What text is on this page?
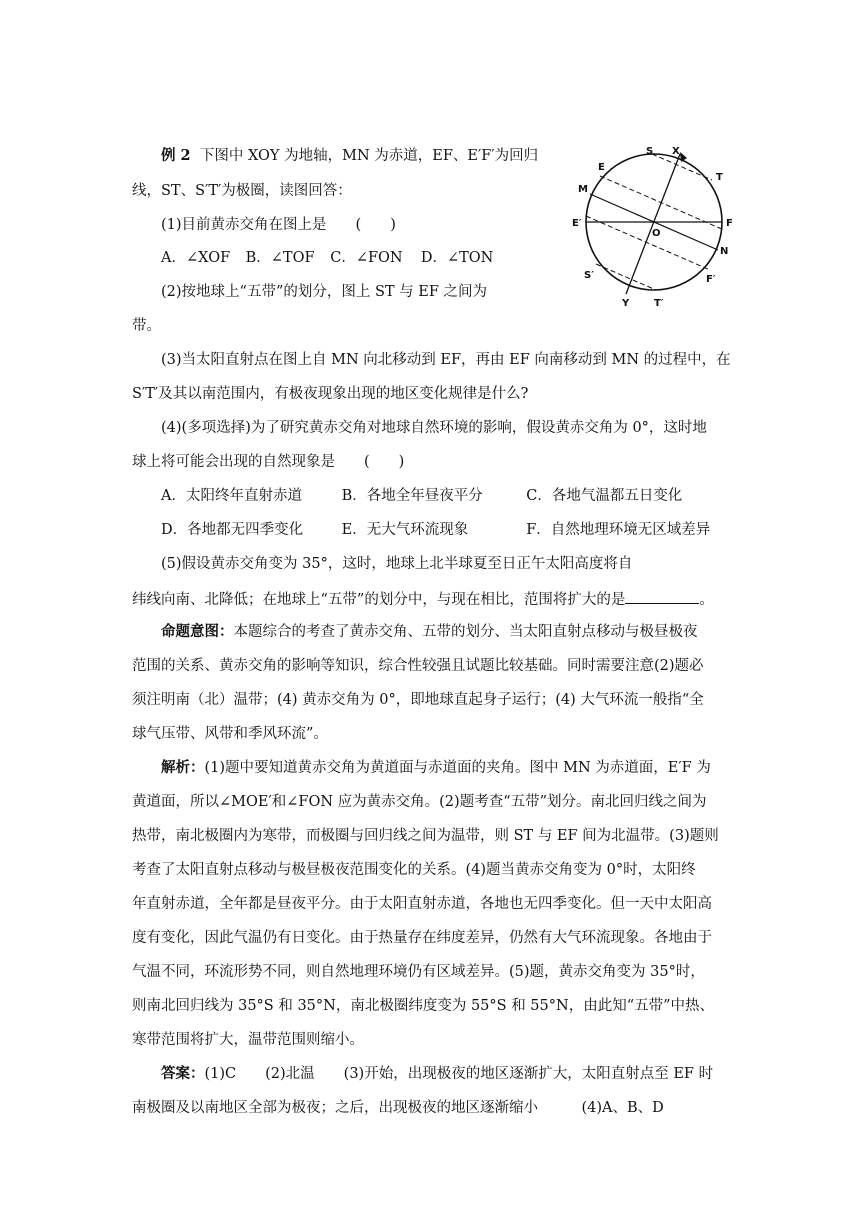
S X
E
T
M
E′
O
F
N
S′	F′
Y T′
例 2 下图中 XOY 为地轴，MN 为赤道，EF、E′F′为回归
线，ST、S′T′为极圈，读图回答：
(1)目前黄赤交角在图上是　　(　　)
A．∠XOF B．∠TOF C．∠FON D．∠TON
(2)按地球上“五带”的划分，图上 ST 与 EF 之间为
带。
(3)当太阳直射点在图上自 MN 向北移动到 EF，再由 EF 向南移动到 MN 的过程中，在
S′T′及其以南范围内，有极夜现象出现的地区变化规律是什么?
(4)(多项选择)为了研究黄赤交角对地球自然环境的影响，假设黄赤交角为 0°，这时地
球上将可能会出现的自然现象是　　(　　)
A．太阳终年直射赤道	B．各地全年昼夜平分	C．各地气温都五日变化
D．各地都无四季变化	E．无大气环流现象	F．自然地理环境无区域差异
(5)假设黄赤交角变为 35°，这时，地球上北半球夏至日正午太阳高度将自
纬线向南、北降低；在地球上“五带”的划分中，与现在相比，范围将扩大的是	。
命题意图：本题综合的考查了黄赤交角、五带的划分、当太阳直射点移动与极昼极夜
范围的关系、黄赤交角的影响等知识，综合性较强且试题比较基础。同时需要注意(2)题必
须注明南（北）温带；(4) 黄赤交角为 0°，即地球直起身子运行；(4) 大气环流一般指“全
球气压带、风带和季风环流”。
解析：(1)题中要知道黄赤交角为黄道面与赤道面的夹角。图中 MN 为赤道面，E′F 为
黄道面，所以∠MOE′和∠FON 应为黄赤交角。(2)题考查“五带”划分。南北回归线之间为
热带，南北极圈内为寒带，而极圈与回归线之间为温带，则 ST 与 EF 间为北温带。(3)题则
考查了太阳直射点移动与极昼极夜范围变化的关系。(4)题当黄赤交角变为 0°时，太阳终
年直射赤道，全年都是昼夜平分。由于太阳直射赤道，各地也无四季变化。但一天中太阳高
度有变化，因此气温仍有日变化。由于热量存在纬度差异，仍然有大气环流现象。各地由于
气温不同，环流形势不同，则自然地理环境仍有区域差异。(5)题，黄赤交角变为 35°时，
则南北回归线为 35°S 和 35°N，南北极圈纬度变为 55°S 和 55°N，由此知“五带”中热、
寒带范围将扩大，温带范围则缩小。
答案：(1)C　　(2)北温　　(3)开始，出现极夜的地区逐渐扩大，太阳直射点至 EF 时
南极圈及以南地区全部为极夜；之后，出现极夜的地区逐渐缩小　　　(4)A、B、D
